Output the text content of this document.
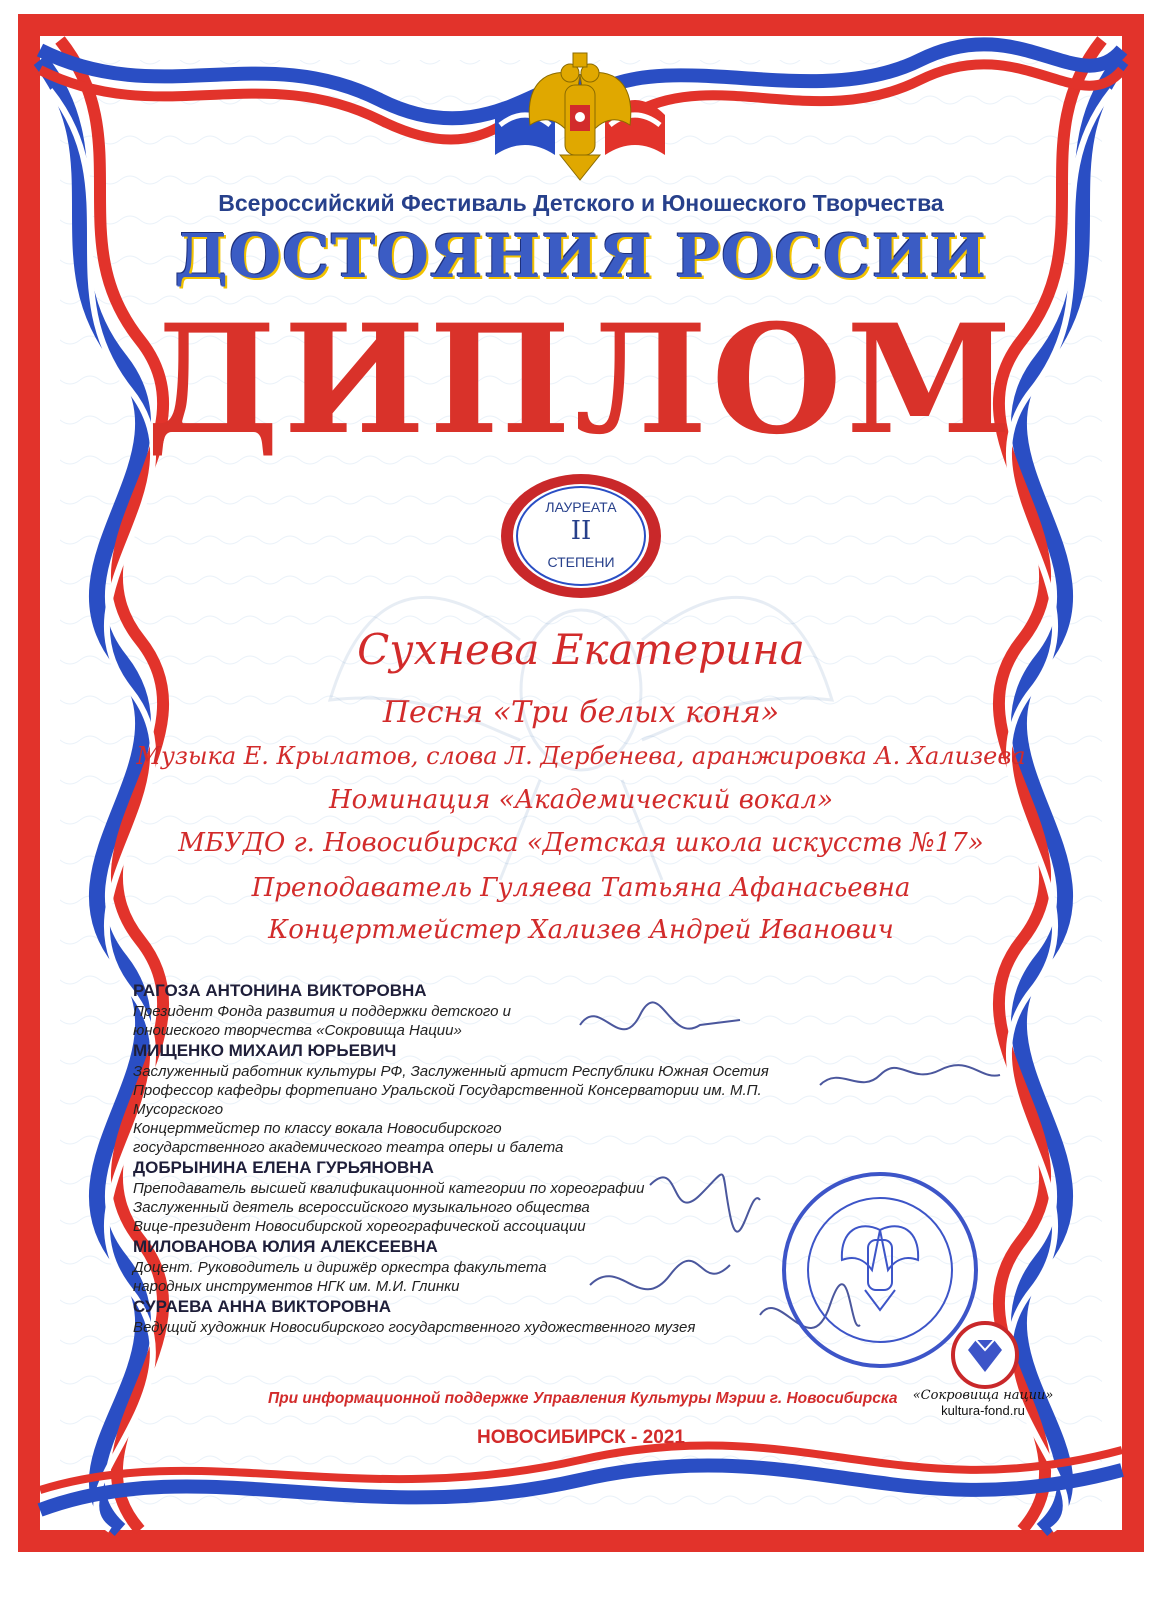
Всероссийский Фестиваль Детского и Юношеского Творчества
ДОСТОЯНИЯ РОССИИ
ДИПЛОМ
ЛАУРЕАТА
II
СТЕПЕНИ
Сухнева Екатерина
Песня «Три белых коня»
Музыка Е. Крылатов, слова Л. Дербенева, аранжировка А. Хализева
Номинация «Академический вокал»
МБУДО г. Новосибирска «Детская школа искусств №17»
Преподаватель Гуляева Татьяна Афанасьевна
Концертмейстер Хализев Андрей Иванович
РАГОЗА АНТОНИНА ВИКТОРОВНА
Президент Фонда развития и поддержки детского и
юношеского творчества «Сокровища Нации»
МИЩЕНКО МИХАИЛ ЮРЬЕВИЧ
Заслуженный работник культуры РФ, Заслуженный артист Республики Южная Осетия
Профессор кафедры фортепиано Уральской Государственной Консерватории им. М.П. Мусоргского
Концертмейстер по классу вокала Новосибирского
государственного академического театра оперы и балета
ДОБРЫНИНА ЕЛЕНА ГУРЬЯНОВНА
Преподаватель высшей квалификационной категории по хореографии
Заслуженный деятель всероссийского музыкального общества
Вице-президент Новосибирской хореографической ассоциации
МИЛОВАНОВА ЮЛИЯ АЛЕКСЕЕВНА
Доцент. Руководитель и дирижёр оркестра факультета
народных инструментов НГК им. М.И. Глинки
СУРАЕВА АННА ВИКТОРОВНА
Ведущий художник Новосибирского государственного художественного музея
«Сокровища нации»
kultura-fond.ru
При информационной поддержке Управления Культуры Мэрии г. Новосибирска
НОВОСИБИРСК - 2021
